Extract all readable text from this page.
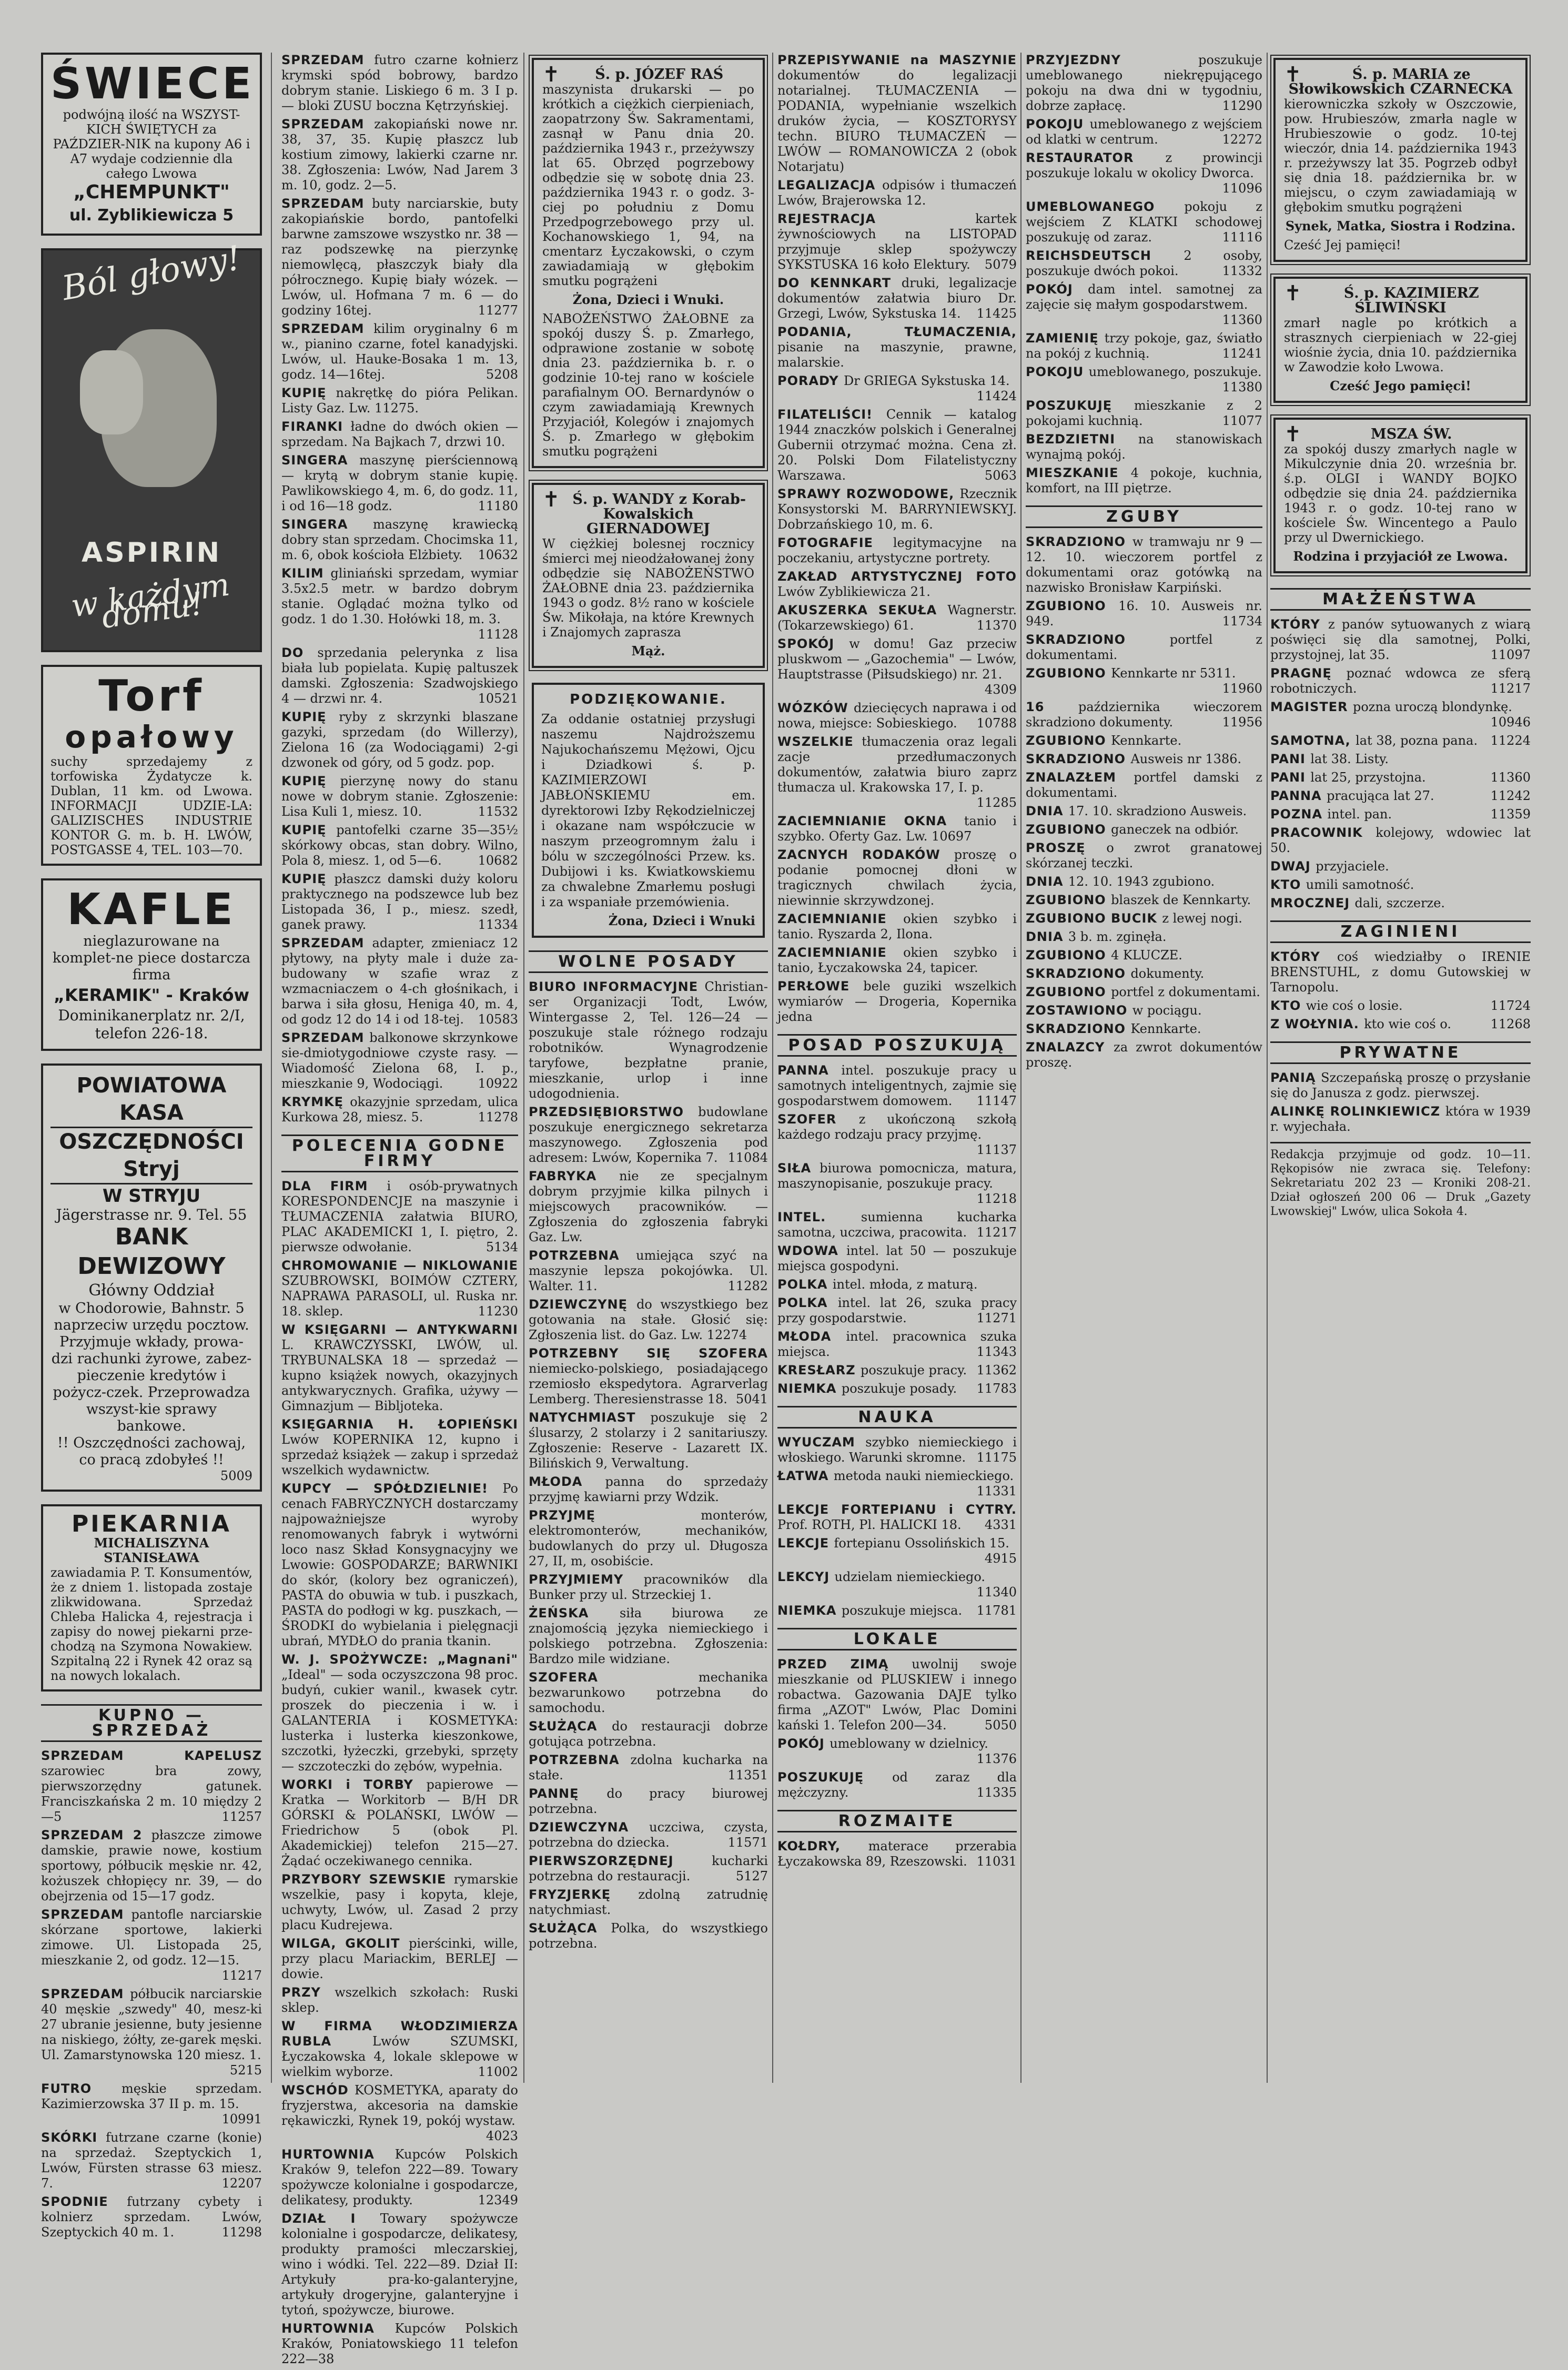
ŚWIECE
podwójną ilość na WSZYST-KICH ŚWIĘTYCH za PAŹDZIER-NIK na kupony A6 i A7 wydaje codziennie dla całego Lwowa
„CHEMPUNKT"
ul. Zyblikiewicza 5
Ból głowy!
ASPIRIN
w każdym domu!
Torf
opałowy
suchy sprzedajemy z torfowiska Żydatycze k. Dublan, 11 km. od Lwowa. INFORMACJI UDZIE-LA: GALIZISCHES INDUSTRIE KONTOR G. m. b. H. LWÓW, POSTGASSE 4, TEL. 103—70.
KAFLE
nieglazurowane na komplet-ne piece dostarcza firma
„KERAMIK" - Kraków
Dominikanerplatz nr. 2/I, telefon 226-18.
POWIATOWA KASA
OSZCZĘDNOŚCI Stryj
W STRYJU
Jägerstrasse nr. 9. Tel. 55
BANK DEWIZOWY
Główny Oddział
w Chodorowie, Bahnstr. 5 naprzeciw urzędu pocztow.
Przyjmuje wkłady, prowa-dzi rachunki żyrowe, zabez-pieczenie kredytów i pożycz-czek. Przeprowadza wszyst-kie sprawy bankowe.
!! Oszczędności zachowaj, co pracą zdobyłeś !!
5009
PIEKARNIA
MICHALISZYNA STANISŁAWA
zawiadamia P. T. Konsumentów, że z dniem 1. listopada zostaje zlikwidowana. Sprzedaż Chleba Halicka 4, rejestracja i zapisy do nowej piekarni prze-chodzą na Szymona Nowakiew. Szpitalną 22 i Rynek 42 oraz są na nowych lokalach.
KUPNO — SPRZEDAŻ
SPRZEDAM KAPELUSZ szarowiec bra zowy, pierwszorzędny gatunek. Franciszkańska 2 m. 10 między 2—5	11257
SPRZEDAM 2 płaszcze zimowe damskie, prawie nowe, kostium sportowy, półbucik męskie nr. 42, kożuszek chłopięcy nr. 39, — do obejrzenia od 15—17 godz.
SPRZEDAM pantofle narciarskie skórzane sportowe, lakierki zimowe. Ul. Listopada 25, mieszkanie 2, od godz. 12—15.
11217
SPRZEDAM półbucik narciarskie 40 męskie „szwedy" 40, mesz-ki 27 ubranie jesienne, buty jesienne na niskiego, żółty, ze-garek męski. Ul. Zamarstynowska 120 miesz. 1.
5215
FUTRO męskie sprzedam. Kazimierzowska 37 II p. m. 15.
10991
SKÓRKI futrzane czarne (konie) na sprzedaż. Szeptyckich 1, Lwów, Fürsten strasse 63 miesz. 7.	12207
SPODNIE futrzany cybety i kolnierz sprzedam. Lwów, Szeptyckich 40 m. 1.	11298
SPRZEDAM futro czarne kołnierz krymski spód bobrowy, bardzo dobrym stanie. Liskiego 6 m. 3 I p. — bloki ZUSU boczna Kętrzyńskiej.
SPRZEDAM zakopiański nowe nr. 38, 37, 35. Kupię płaszcz lub kostium zimowy, lakierki czarne nr. 38. Zgłoszenia: Lwów, Nad Jarem 3 m. 10, godz. 2—5.
SPRZEDAM buty narciarskie, buty zakopiańskie bordo, pantofelki barwne zamszowe wszystko nr. 38 — raz podszewkę na pierzynkę niemowlęcą, płaszczyk biały dla półrocznego. Kupię biały wózek. — Lwów, ul. Hofmana 7 m. 6 — do godziny 16tej.	11277
SPRZEDAM kilim oryginalny 6 m w., pianino czarne, fotel kanadyjski. Lwów, ul. Hauke-Bosaka 1 m. 13, godz. 14—16tej.	5208
KUPIĘ nakrętkę do pióra Pelikan. Listy Gaz. Lw. 11275.
FIRANKI ładne do dwóch okien — sprzedam. Na Bajkach 7, drzwi 10.
SINGERA maszynę pierściennową — krytą w dobrym stanie kupię. Pawlikowskiego 4, m. 6, do godz. 11, i od 16—18 godz.	11180
SINGERA maszynę krawiecką dobry stan sprzedam. Chocimska 11, m. 6, obok kościoła Elżbiety. 10632
KILIM gliniański sprzedam, wymiar 3.5x2.5 metr. w bardzo dobrym stanie. Oglądać można tylko od godz. 1 do 1.30. Hołówki 18, m. 3.
11128
DO sprzedania pelerynka z lisa biała lub popielata. Kupię paltuszek damski. Zgłoszenia: Szadwojskiego 4 — drzwi nr. 4.	10521
KUPIĘ ryby z skrzynki blaszane gazyki, sprzedam (do Willerzy), Zielona 16 (za Wodociągami) 2-gi dzwonek od góry, od 5 godz. pop.
KUPIĘ pierzynę nowy do stanu nowe w dobrym stanie. Zgłoszenie: Lisa Kuli 1, miesz. 10.	11532
KUPIĘ pantofelki czarne 35—35½ skórkowy obcas, stan dobry. Wilno, Pola 8, miesz. 1, od 5—6.	10682
KUPIĘ płaszcz damski duży koloru praktycznego na podszewce lub bez Listopada 36, I p., miesz. szedł, ganek prawy.	11334
SPRZEDAM adapter, zmieniacz 12 płytowy, na płyty male i duże za-budowany w szafie wraz z wzmacniaczem o 4-ch głośnikach, i barwa i siła głosu, Heniga 40, m. 4, od godz 12 do 14 i od 18-tej. 10583
SPRZEDAM balkonowe skrzynkowe sie-dmiotygodniowe czyste rasy. — Wiadomość Zielona 68, I. p., mieszkanie 9, Wodociągi.	10922
KRYMKĘ okazyjnie sprzedam, ulica Kurkowa 28, miesz. 5.	11278
POLECENIA GODNE FIRMY
DLA FIRM i osób-prywatnych KORESPONDENCJE na maszynie i TŁUMACZENIA załatwia BIURO, PLAC AKADEMICKI 1, I. piętro, 2. pierwsze odwołanie.	5134
CHROMOWANIE — NIKLOWANIE SZUBROWSKI, BOIMÓW CZTERY, NAPRAWA PARASOLI, ul. Ruska nr. 18. sklep.	11230
W KSIĘGARNI — ANTYKWARNI L. KRAWCZYSSKI, LWÓW, ul. TRYBUNALSKA 18 — sprzedaż — kupno książek nowych, okazyjnych antykwarycznych. Grafika, używy — Gimnazjum — Bibljoteka.
KSIĘGARNIA H. ŁOPIEŃSKI Lwów KOPERNIKA 12, kupno i sprzedaż książek — zakup i sprzedaż wszelkich wydawnictw.
KUPCY — SPÓŁDZIELNIE! Po cenach FABRYCZNYCH dostarczamy najpoważniejsze wyroby renomowanych fabryk i wytwórni loco nasz Skład Konsygnacyjny we Lwowie: GOSPODARZE; BARWNIKI do skór, (kolory bez ograniczeń), PASTA do obuwia w tub. i puszkach, PASTA do podłogi w kg. puszkach, — ŚRODKI do wybielania i pielęgnacji ubrań, MYDŁO do prania tkanin.
W. J. SPOŻYWCZE: „Magnani" „Ideal" — soda oczyszczona 98 proc. budyń, cukier wanil., kwasek cytr. proszek do pieczenia i w. i GALANTERIA i KOSMETYKA: lusterka i lusterka kieszonkowe, szczotki, łyżeczki, grzebyki, sprzęty — szczoteczki do zębów, wypełnia.
WORKI i TORBY papierowe — Kratka — Workitorb — B/H DR GÓRSKI & POLAŃSKI, LWÓW — Friedrichow 5 (obok Pl. Akademickiej) telefon 215—27. Żądać oczekiwanego cennika.
PRZYBORY SZEWSKIE rymarskie wszelkie, pasy i kopyta, kleje, uchwyty, Lwów, ul. Zasad 2 przy placu Kudrejewa.
WILGA, GKOLIT pierścinki, wille, przy placu Mariackim, BERLEJ — dowie.
PRZY wszelkich szkołach: Ruski sklep.
W FIRMA WŁODZIMIERZA RUBLA Lwów SZUMSKI, Łyczakowska 4, lokale sklepowe w wielkim wyborze.	11002
WSCHÓD KOSMETYKA, aparaty do fryzjerstwa, akcesoria na damskie rękawiczki, Rynek 19, pokój wystaw.
4023
HURTOWNIA Kupców Polskich Kraków 9, telefon 222—89. Towary spożywcze kolonialne i gospodarcze, delikatesy, produkty.	12349
DZIAŁ I Towary spożywcze kolonialne i gospodarcze, delikatesy, produkty pramości mleczarskiej, wino i wódki. Tel. 222—89. Dział II: Artykuły pra-ko-galanteryjne, artykuły drogeryjne, galanteryjne i tytoń, spożywcze, biurowe.
HURTOWNIA Kupców Polskich Kraków, Poniatowskiego 11 telefon 222—38
✝	Ś. p. JÓZEF RAŚ
maszynista drukarski — po krótkich a ciężkich cierpieniach, zaopatrzony Św. Sakramentami, zasnął w Panu dnia 20. października 1943 r., przeżywszy lat 65. Obrzęd pogrzebowy odbędzie się w sobotę dnia 23. października 1943 r. o godz. 3-ciej po południu z Domu Przedpogrzebowego przy ul. Kochanowskiego 1, 94, na cmentarz Łyczakowski, o czym zawiadamiają w głębokim smutku pogrążeni
Żona, Dzieci i Wnuki.
NABOŻEŃSTWO ŻAŁOBNE za spokój duszy Ś. p. Zmarłego, odprawione zostanie w sobotę dnia 23. października b. r. o godzinie 10-tej rano w kościele parafialnym OO. Bernardynów o czym zawiadamiają Krewnych Przyjaciół, Kolegów i znajomych Ś. p. Zmarłego w głębokim smutku pogrążeni
✝ Ś. p. WANDY z Korab-Kowalskich GIERNADOWEJ
W ciężkiej bolesnej rocznicy śmierci mej nieodżałowanej żony odbędzie się NABOŻEŃSTWO ŻAŁOBNE dnia 23. października 1943 o godz. 8½ rano w kościele Św. Mikołaja, na które Krewnych i Znajomych zaprasza
Mąż.
PODZIĘKOWANIE.
Za oddanie ostatniej przysługi naszemu Najdroższemu Najukochańszemu Mężowi, Ojcu i Dziadkowi ś. p. KAZIMIERZOWI JABŁOŃSKIEMU em. dyrektorowi Izby Rękodzielniczej i okazane nam współczucie w naszym przeogromnym żalu i bólu w szczególności Przew. ks. Dubijowi i ks. Kwiatkowskiemu za chwalebne Zmarłemu posługi i za wspaniałe przemówienia.
Żona, Dzieci i Wnuki
WOLNE POSADY
BIURO INFORMACYJNE Christian-ser Organizacji Todt, Lwów, Wintergasse 2, Tel. 126—24 — poszukuje stale różnego rodzaju robotników. Wynagrodzenie taryfowe, bezpłatne pranie, mieszkanie, urlop i inne udogodnienia.
PRZEDSIĘBIORSTWO budowlane poszukuje energicznego sekretarza maszynowego. Zgłoszenia pod adresem: Lwów, Kopernika 7. 11084
FABRYKA nie ze specjalnym dobrym przyjmie kilka pilnych i miejscowych pracowników. — Zgłoszenia do zgłoszenia fabryki Gaz. Lw.
POTRZEBNA umiejąca szyć na maszynie lepsza pokojówka. Ul. Walter. 11.	11282
DZIEWCZYNĘ do wszystkiego bez gotowania na stałe. Głosić się: Zgłoszenia list. do Gaz. Lw. 12274
POTRZEBNY SIĘ SZOFERA niemiecko-polskiego, posiadającego rzemiosło ekspedytora. Agrarverlag Lemberg. Theresienstrasse 18. 5041
NATYCHMIAST poszukuje się 2 ślusarzy, 2 stolarzy i 2 sanitariuszy. Zgłoszenie: Reserve - Lazarett IX. Bilińskich 9, Verwaltung.
MŁODA panna do sprzedaży przyjmę kawiarni przy Wdzik.
PRZYJMĘ monterów, elektromonterów, mechaników, budowlanych do przy ul. Długosza 27, II, m, osobiście.
PRZYJMIEMY pracowników dla Bunker przy ul. Strzeckiej 1.
ŻEŃSKA siła biurowa ze znajomością języka niemieckiego i polskiego potrzebna. Zgłoszenia: Bardzo mile widziane.
SZOFERA mechanika bezwarunkowo potrzebna do samochodu.
SŁUŻĄCA do restauracji dobrze gotująca potrzebna.
POTRZEBNA zdolna kucharka na stałe.	11351
PANNĘ do pracy biurowej potrzebna.
DZIEWCZYNA uczciwa, czysta, potrzebna do dziecka.	11571
PIERWSZORZĘDNEJ kucharki potrzebna do restauracji.	5127
FRYZJERKĘ zdolną zatrudnię natychmiast.
SŁUŻĄCA Polka, do wszystkiego potrzebna.
PRZEPISYWANIE na MASZYNIE dokumentów do legalizacji notarialnej. TŁUMACZENIA — PODANIA, wypełnianie wszelkich druków życia, — KOSZTORYSY techn. BIURO TŁUMACZEŃ — LWÓW — ROMANOWICZA 2 (obok Notarjatu)
LEGALIZACJA odpisów i tłumaczeń Lwów, Brajerowska 12.
REJESTRACJA kartek żywnościowych na LISTOPAD przyjmuje sklep spożywczy SYKSTUSKA 16 koło Elektury. 5079
DO KENNKART druki, legalizacje dokumentów załatwia biuro Dr. Grzegi, Lwów, Sykstuska 14. 11425
PODANIA, TŁUMACZENIA, pisanie na maszynie, prawne, malarskie.
PORADY Dr GRIEGA Sykstuska 14.
11424
FILATELIŚCI! Cennik — katalog 1944 znaczków polskich i Generalnej Gubernii otrzymać można. Cena zł. 20. Polski Dom Filatelistyczny Warszawa.	5063
SPRAWY ROZWODOWE, Rzecznik Konsystorski M. BARRYNIEWSKYJ. Dobrzańskiego 10, m. 6.
FOTOGRAFIE legitymacyjne na poczekaniu, artystyczne portrety.
ZAKŁAD ARTYSTYCZNEJ FOTO Lwów Zyblikiewicza 21.
AKUSZERKA SEKUŁA Wagnerstr. (Tokarzewskiego) 61.	11370
SPOKÓJ w domu! Gaz przeciw pluskwom — „Gazochemia" — Lwów, Hauptstrasse (Piłsudskiego) nr. 21.
4309
WÓZKÓW dziecięcych naprawa i od nowa, miejsce: Sobieskiego. 10788
WSZELKIE tłumaczenia oraz legali zacje przedłumaczonych dokumentów, załatwia biuro zaprz tłumacza ul. Krakowska 17, I. p.
11285
ZACIEMNIANIE OKNA tanio i szybko. Oferty Gaz. Lw. 10697
ZACNYCH RODAKÓW proszę o podanie pomocnej dłoni w tragicznych chwilach życia, niewinnie skrzywdzonej.
ZACIEMNIANIE okien szybko i tanio. Ryszarda 2, Ilona.
ZACIEMNIANIE okien szybko i tanio, Łyczakowska 24, tapicer.
PERŁOWE bele guziki wszelkich wymiarów — Drogeria, Kopernika jedna
POSAD POSZUKUJĄ
PANNA intel. poszukuje pracy u samotnych inteligentnych, zajmie się gospodarstwem domowem. 11147
SZOFER z ukończoną szkołą każdego rodzaju pracy przyjmę.
11137
SIŁA biurowa pomocnicza, matura, maszynopisanie, poszukuje pracy.
11218
INTEL. sumienna kucharka samotna, uczciwa, pracowita. 11217
WDOWA intel. lat 50 — poszukuje miejsca gospodyni.
POLKA intel. młoda, z maturą.
POLKA intel. lat 26, szuka pracy przy gospodarstwie.	11271
MŁODA intel. pracownica szuka miejsca.	11343
KRESŁARZ poszukuje pracy. 11362
NIEMKA poszukuje posady. 11783
NAUKA
WYUCZAM szybko niemieckiego i włoskiego. Warunki skromne. 11175
ŁATWA metoda nauki niemieckiego.
11331
LEKCJE FORTEPIANU i CYTRY. Prof. ROTH, Pl. HALICKI 18. 4331
LEKCJE fortepianu Ossolińskich 15.
4915
LEKCYJ udzielam niemieckiego.
11340
NIEMKA poszukuje miejsca. 11781
LOKALE
PRZED ZIMĄ uwolnij swoje mieszkanie od PLUSKIEW i innego robactwa. Gazowania DAJE tylko firma „AZOT" Lwów, Plac Domini kański 1. Telefon 200—34.	5050
POKÓJ umeblowany w dzielnicy.
11376
POSZUKUJĘ od zaraz dla mężczyzny.	11335
ROZMAITE
KOŁDRY, materace przerabia Łyczakowska 89, Rzeszowski. 11031
PRZYJEZDNY poszukuje umeblowanego niekrępującego pokoju na dwa dni w tygodniu, dobrze zapłacę.	11290
POKOJU umeblowanego z wejściem od klatki w centrum.	12272
RESTAURATOR z prowincji poszukuje lokalu w okolicy Dworca.
11096
UMEBLOWANEGO pokoju z wejściem Z KLATKI schodowej poszukuję od zaraz.	11116
REICHSDEUTSCH 2 osoby, poszukuje dwóch pokoi.	11332
POKÓJ dam intel. samotnej za zajęcie się małym gospodarstwem.
11360
ZAMIENIĘ trzy pokoje, gaz, światło na pokój z kuchnią.	11241
POKOJU umeblowanego, poszukuje.
11380
POSZUKUJĘ mieszkanie z 2 pokojami kuchnią.	11077
BEZDZIETNI na stanowiskach wynajmą pokój.
MIESZKANIE 4 pokoje, kuchnia, komfort, na III piętrze.
ZGUBY
SKRADZIONO w tramwaju nr 9 — 12. 10. wieczorem portfel z dokumentami oraz gotówką na nazwisko Bronisław Karpiński.
ZGUBIONO 16. 10. Ausweis nr. 949.	11734
SKRADZIONO portfel z dokumentami.
ZGUBIONO Kennkarte nr 5311.
11960
16 października wieczorem skradziono dokumenty.	11956
ZGUBIONO Kennkarte.
SKRADZIONO Ausweis nr 1386.
ZNALAZŁEM portfel damski z dokumentami.
DNIA 17. 10. skradziono Ausweis.
ZGUBIONO ganeczek na odbiór.
PROSZĘ o zwrot granatowej skórzanej teczki.
DNIA 12. 10. 1943 zgubiono.
ZGUBIONO blaszek de Kennkarty.
ZGUBIONO BUCIK z lewej nogi.
DNIA 3 b. m. zginęła.
ZGUBIONO 4 KLUCZE.
SKRADZIONO dokumenty.
ZGUBIONO portfel z dokumentami.
ZOSTAWIONO w pociągu.
SKRADZIONO Kennkarte.
ZNALAZCY za zwrot dokumentów proszę.
✝	Ś. p. MARIA ze Słowikowskich CZARNECKA
kierowniczka szkoły w Oszczowie, pow. Hrubieszów, zmarła nagle w Hrubieszowie o godz. 10-tej wieczór, dnia 14. października 1943 r. przeżywszy lat 35. Pogrzeb odbył się dnia 18. października br. w miejscu, o czym zawiadamiają w głębokim smutku pogrążeni
Synek, Matka, Siostra i Rodzina.
Cześć Jej pamięci!
✝	Ś. p. KAZIMIERZ ŚLIWIŃSKI
zmarł nagle po krótkich a strasznych cierpieniach w 22-giej wiośnie życia, dnia 10. października w Zawodzie koło Lwowa.
Cześć Jego pamięci!
✝	MSZA ŚW.
za spokój duszy zmarłych nagle w Mikulczynie dnia 20. września br. ś.p. OLGI i WANDY BOJKO odbędzie się dnia 24. października 1943 r. o godz. 10-tej rano w kościele Św. Wincentego a Paulo przy ul Dwernickiego.
Rodzina i przyjaciół ze Lwowa.
MAŁŻEŃSTWA
KTÓRY z panów sytuowanych z wiarą poświęci się dla samotnej, Polki, przystojnej, lat 35.	11097
PRAGNĘ poznać wdowca ze sferą robotniczych.	11217
MAGISTER pozna uroczą blondynkę.
10946
SAMOTNA, lat 38, pozna pana. 11224
PANI lat 38. Listy.
PANI lat 25, przystojna.	11360
PANNA pracująca lat 27.	11242
POZNA intel. pan.	11359
PRACOWNIK kolejowy, wdowiec lat 50.
DWAJ przyjaciele.
KTO umili samotność.
MROCZNEJ dali, szczerze.
ZAGINIENI
KTÓRY coś wiedziałby o IRENIE BRENSTUHL, z domu Gutowskiej w Tarnopolu.
KTO wie coś o losie.	11724
Z WOŁYNIA. kto wie coś o.	11268
PRYWATNE
PANIĄ Szczepańską proszę o przysłanie się do Janusza z godz. pierwszej.
ALINKĘ ROLINKIEWICZ która w 1939 r. wyjechała.
Redakcja przyjmuje od godz. 10—11. Rękopisów nie zwraca się. Telefony: Sekretariatu 202 23 — Kroniki 208-21. Dział ogłoszeń 200 06 — Druk „Gazety Lwowskiej" Lwów, ulica Sokoła 4.
